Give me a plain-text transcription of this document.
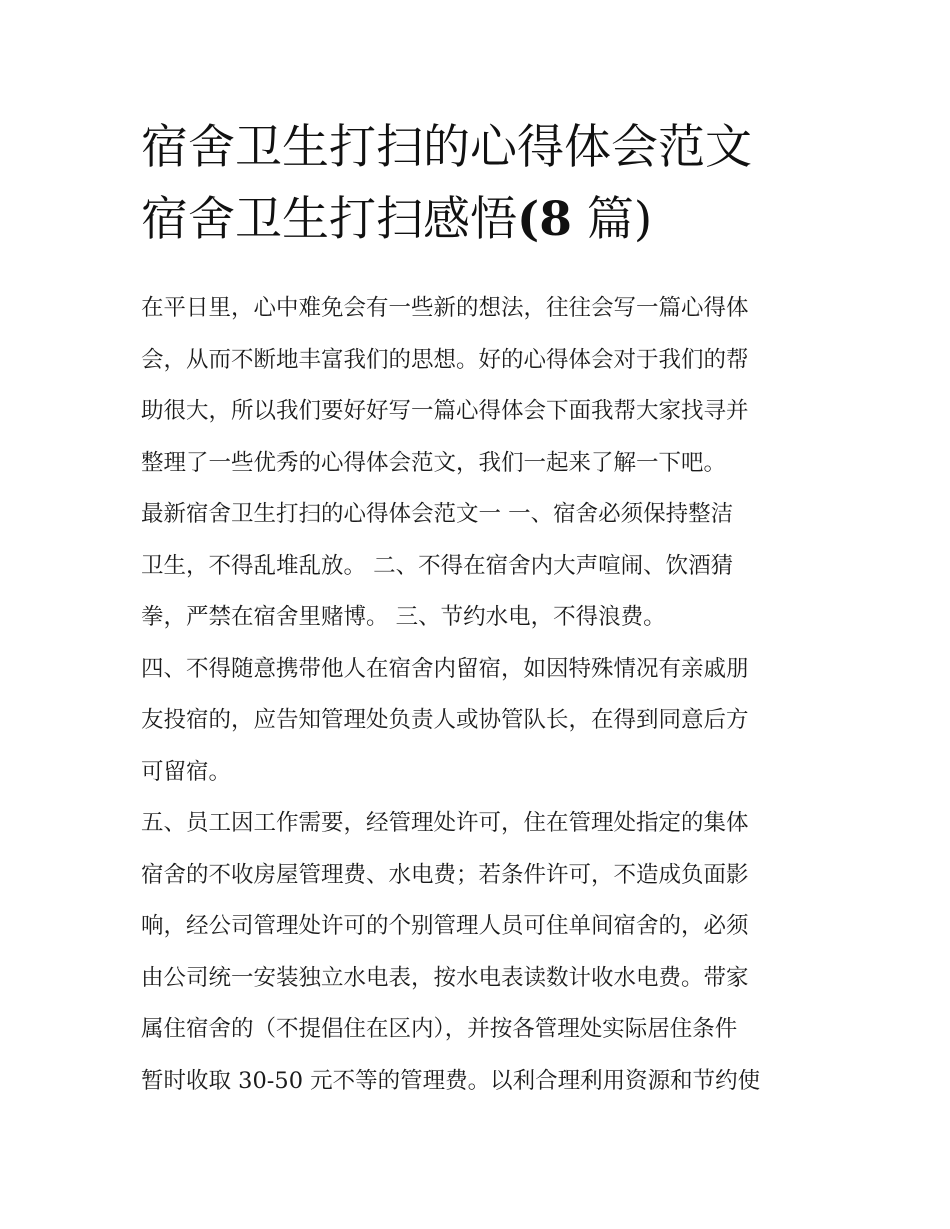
宿舍卫生打扫的心得体会范文
宿舍卫生打扫感悟(8 篇)

在平日里，心中难免会有一些新的想法，往往会写一篇心得体
会，从而不断地丰富我们的思想。好的心得体会对于我们的帮
助很大，所以我们要好好写一篇心得体会下面我帮大家找寻并
整理了一些优秀的心得体会范文，我们一起来了解一下吧。

最新宿舍卫生打扫的心得体会范文一 一、宿舍必须保持整洁
卫生，不得乱堆乱放。 二、不得在宿舍内大声喧闹、饮酒猜
拳，严禁在宿舍里赌博。 三、节约水电，不得浪费。

四、不得随意携带他人在宿舍内留宿，如因特殊情况有亲戚朋
友投宿的，应告知管理处负责人或协管队长，在得到同意后方
可留宿。

五、员工因工作需要，经管理处许可，住在管理处指定的集体
宿舍的不收房屋管理费、水电费；若条件许可，不造成负面影
响，经公司管理处许可的个别管理人员可住单间宿舍的，必须
由公司统一安装独立水电表，按水电表读数计收水电费。带家
属住宿舍的（不提倡住在区内），并按各管理处实际居住条件
暂时收取 30-50 元不等的管理费。以利合理利用资源和节约使
